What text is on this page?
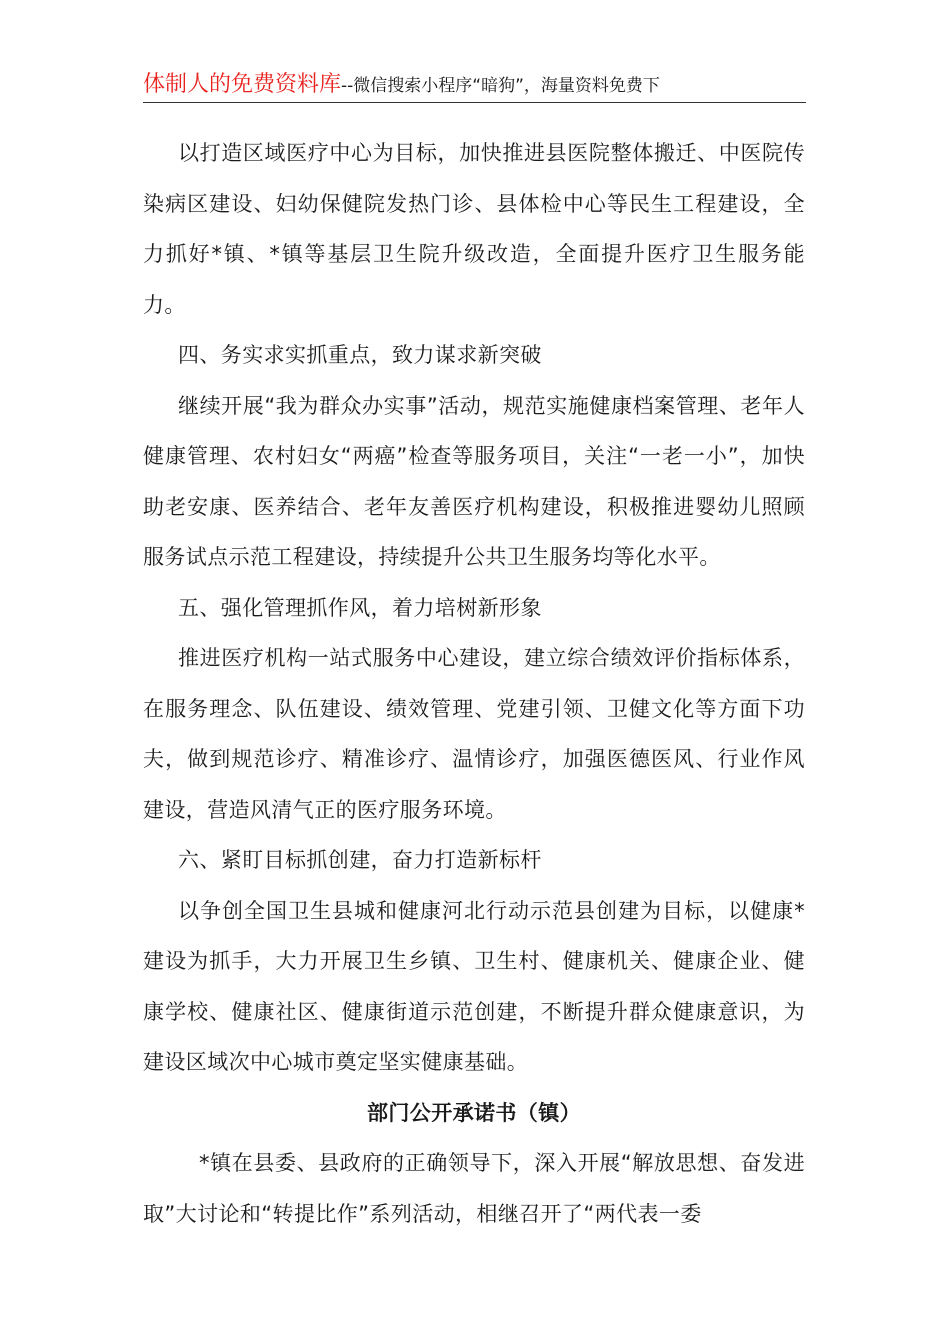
体制人的免费资料库--微信搜索小程序“暗狗”，海量资料免费下

以打造区域医疗中心为目标，加快推进县医院整体搬迁、中医院传染病区建设、妇幼保健院发热门诊、县体检中心等民生工程建设，全力抓好*镇、*镇等基层卫生院升级改造，全面提升医疗卫生服务能力。

四、务实求实抓重点，致力谋求新突破

继续开展“我为群众办实事”活动，规范实施健康档案管理、老年人健康管理、农村妇女“两癌”检查等服务项目，关注“一老一小”，加快助老安康、医养结合、老年友善医疗机构建设，积极推进婴幼儿照顾服务试点示范工程建设，持续提升公共卫生服务均等化水平。

五、强化管理抓作风，着力培树新形象

推进医疗机构一站式服务中心建设，建立综合绩效评价指标体系，在服务理念、队伍建设、绩效管理、党建引领、卫健文化等方面下功夫，做到规范诊疗、精准诊疗、温情诊疗，加强医德医风、行业作风建设，营造风清气正的医疗服务环境。

六、紧盯目标抓创建，奋力打造新标杆

以争创全国卫生县城和健康河北行动示范县创建为目标，以健康*建设为抓手，大力开展卫生乡镇、卫生村、健康机关、健康企业、健康学校、健康社区、健康街道示范创建，不断提升群众健康意识，为建设区域次中心城市奠定坚实健康基础。

部门公开承诺书（镇）

*镇在县委、县政府的正确领导下，深入开展“解放思想、奋发进取”大讨论和“转提比作”系列活动，相继召开了“两代表一委
